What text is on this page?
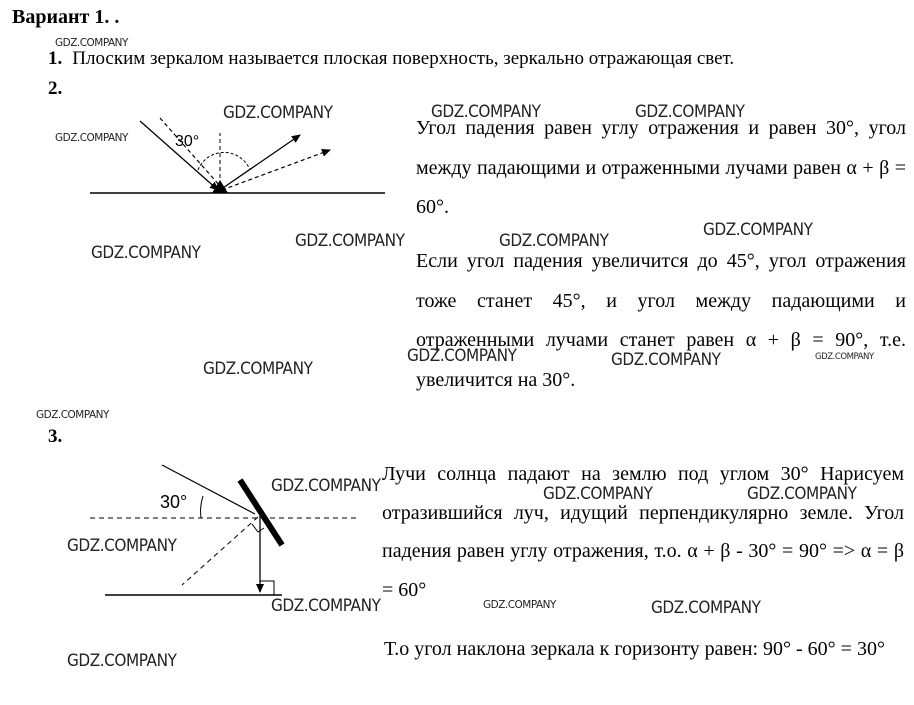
Вариант 1. .
1. Плоским зеркалом называется плоская поверхность, зеркально отражающая свет.
2.
30°
30°
Угол падения равен углу отражения и равен 30°, угол между падающими и отраженными лучами равен α + β = 60°.
Если угол падения увеличится до 45°, угол отражения тоже станет 45°, и угол между падающими и отраженными лучами станет равен α + β = 90°, т.е. увеличится на 30°.
3.
Лучи солнца падают на землю под углом 30° Нарисуем отразившийся луч, идущий перпендикулярно земле. Угол падения равен углу отражения, т.о. α + β - 30° = 90° => α = β = 60°
Т.о угол наклона зеркала к горизонту равен: 90° - 60° = 30°
GDZ.COMPANY
GDZ.COMPANY
GDZ.COMPANY	GDZ.COMPANY	GDZ.COMPANY
GDZ.COMPANY
GDZ.COMPANY	GDZ.COMPANY
GDZ.COMPANY
GDZ.COMPANY	GDZ.COMPANY	GDZ.COMPANY
GDZ.COMPANY
GDZ.COMPANY
GDZ.COMPANY	GDZ.COMPANY	GDZ.COMPANY
GDZ.COMPANY
GDZ.COMPANY	GDZ.COMPANY	GDZ.COMPANY
GDZ.COMPANY
